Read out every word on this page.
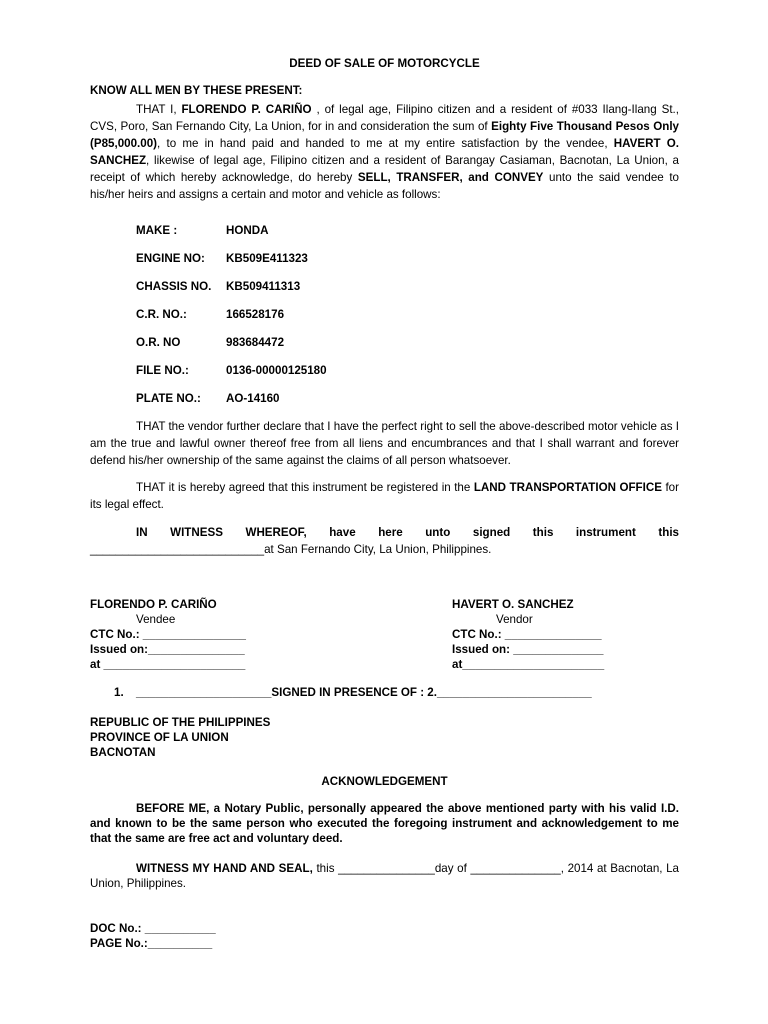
DEED OF SALE OF MOTORCYCLE
KNOW ALL MEN BY THESE PRESENT:
THAT I, FLORENDO P. CARIÑO , of legal age, Filipino citizen and a resident of #033 Ilang-Ilang St., CVS, Poro, San Fernando City, La Union, for in and consideration the sum of Eighty Five Thousand Pesos Only (P85,000.00), to me in hand paid and handed to me at my entire satisfaction by the vendee, HAVERT O. SANCHEZ, likewise of legal age, Filipino citizen and a resident of Barangay Casiaman, Bacnotan, La Union, a receipt of which hereby acknowledge, do hereby SELL, TRANSFER, and CONVEY unto the said vendee to his/her heirs and assigns a certain and motor and vehicle as follows:
MAKE :	HONDA
ENGINE NO: KB509E411323
CHASSIS NO. KB509411313
C.R. NO.:	166528176
O.R. NO	983684472
FILE NO.:	0136-00000125180
PLATE NO.: AO-14160
THAT the vendor further declare that I have the perfect right to sell the above-described motor vehicle as I am the true and lawful owner thereof free from all liens and encumbrances and that I shall warrant and forever defend his/her ownership of the same against the claims of all person whatsoever.
THAT it is hereby agreed that this instrument be registered in the LAND TRANSPORTATION OFFICE for its legal effect.
IN WITNESS WHEREOF, have here unto signed this instrument this
___________________________at San Fernando City, La Union, Philippines.
FLORENDO P. CARIÑO
Vendee
CTC No.: ________________
Issued on:_______________
at ______________________
HAVERT O. SANCHEZ
Vendor
CTC No.: _______________
Issued on: ______________
at______________________
1. _____________________SIGNED IN PRESENCE OF : 2.________________________
REPUBLIC OF THE PHILIPPINES
PROVINCE OF LA UNION
BACNOTAN
ACKNOWLEDGEMENT
BEFORE ME, a Notary Public, personally appeared the above mentioned party with his valid I.D. and known to be the same person who executed the foregoing instrument and acknowledgement to me that the same are free act and voluntary deed.
WITNESS MY HAND AND SEAL, this _______________day of ______________, 2014 at Bacnotan, La Union, Philippines.
DOC No.: ___________
PAGE No.:__________
